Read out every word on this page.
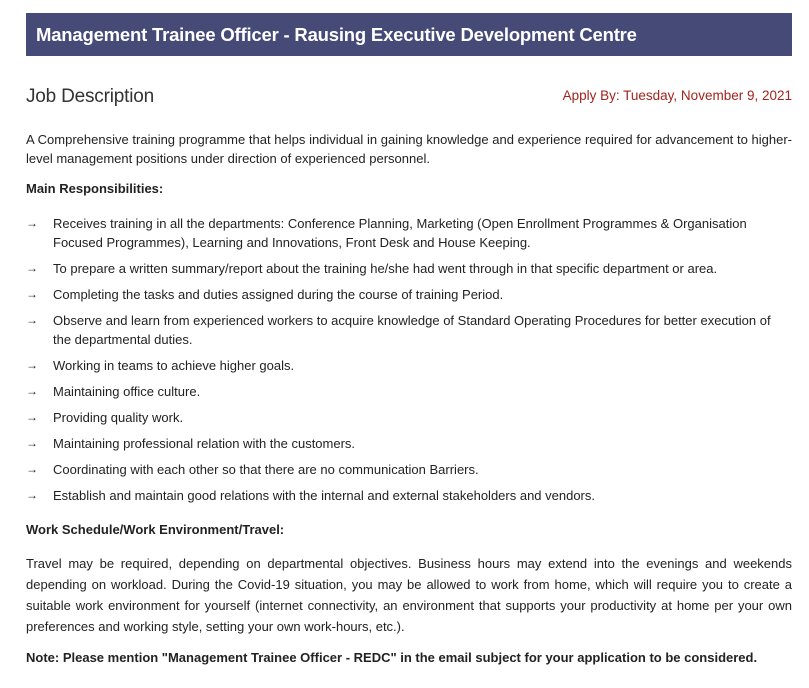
Management Trainee Officer - Rausing Executive Development Centre
Job Description	Apply By: Tuesday, November 9, 2021

A Comprehensive training programme that helps individual in gaining knowledge and experience required for advancement to higher-level management positions under direction of experienced personnel.

Main Responsibilities:

→ Receives training in all the departments: Conference Planning, Marketing (Open Enrollment Programmes & Organisation Focused Programmes), Learning and Innovations, Front Desk and House Keeping.
→ To prepare a written summary/report about the training he/she had went through in that specific department or area.
→ Completing the tasks and duties assigned during the course of training Period.
→ Observe and learn from experienced workers to acquire knowledge of Standard Operating Procedures for better execution of the departmental duties.
→ Working in teams to achieve higher goals.
→ Maintaining office culture.
→ Providing quality work.
→ Maintaining professional relation with the customers.
→ Coordinating with each other so that there are no communication Barriers.
→ Establish and maintain good relations with the internal and external stakeholders and vendors.

Work Schedule/Work Environment/Travel:

Travel may be required, depending on departmental objectives. Business hours may extend into the evenings and weekends depending on workload. During the Covid-19 situation, you may be allowed to work from home, which will require you to create a suitable work environment for yourself (internet connectivity, an environment that supports your productivity at home per your own preferences and working style, setting your own work-hours, etc.).

Note: Please mention "Management Trainee Officer - REDC" in the email subject for your application to be considered.
